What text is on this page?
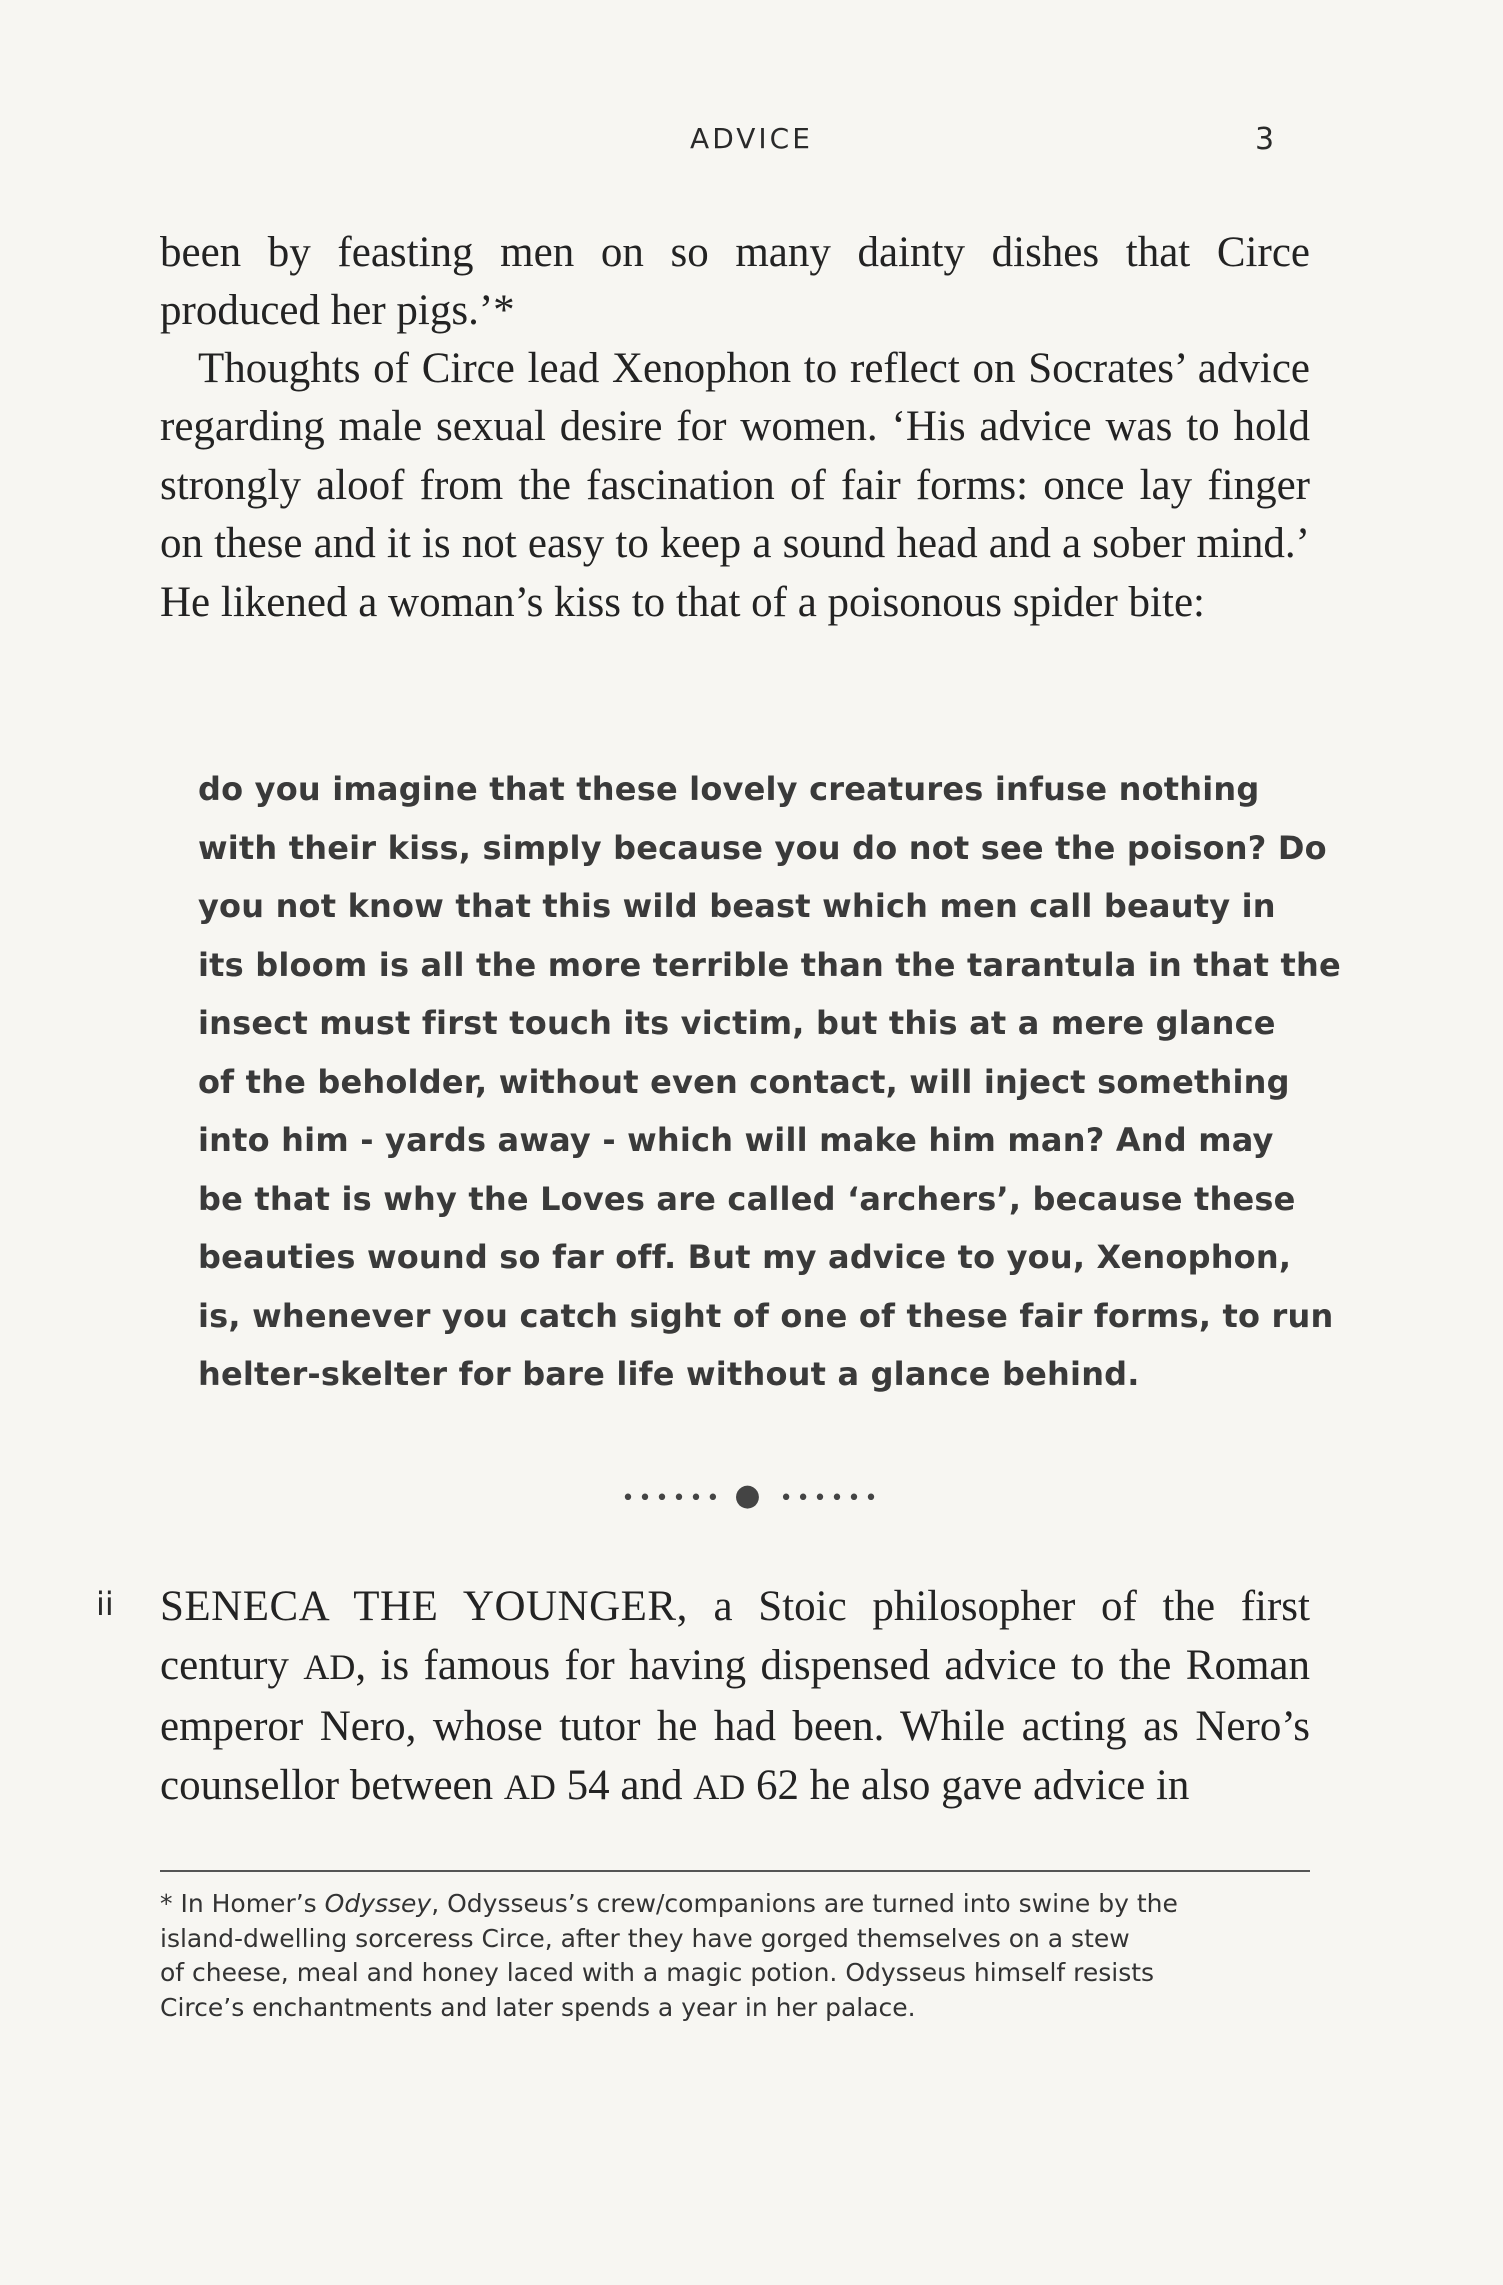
ADVICE	3

been by feasting men on so many dainty dishes that Circe produced her pigs.’*

Thoughts of Circe lead Xenophon to reflect on Socrates’ advice regarding male sexual desire for women. ‘His advice was to hold strongly aloof from the fascination of fair forms: once lay finger on these and it is not easy to keep a sound head and a sober mind.’ He likened a woman’s kiss to that of a poisonous spider bite:

do you imagine that these lovely creatures infuse nothing
with their kiss, simply because you do not see the poison? Do
you not know that this wild beast which men call beauty in
its bloom is all the more terrible than the tarantula in that the
insect must first touch its victim, but this at a mere glance
of the beholder, without even contact, will inject something
into him - yards away - which will make him man? And may
be that is why the Loves are called ‘archers’, because these
beauties wound so far off. But my advice to you, Xenophon,
is, whenever you catch sight of one of these fair forms, to run
helter-skelter for bare life without a glance behind.
•••••• ● ••••••
ii SENECA THE YOUNGER, a Stoic philosopher of the first century AD, is famous for having dispensed advice to the Roman emperor Nero, whose tutor he had been. While acting as Nero’s counsellor between AD 54 and AD 62 he also gave advice in
* In Homer’s Odyssey, Odysseus’s crew/companions are turned into swine by the
island-dwelling sorceress Circe, after they have gorged themselves on a stew
of cheese, meal and honey laced with a magic potion. Odysseus himself resists
Circe’s enchantments and later spends a year in her palace.
